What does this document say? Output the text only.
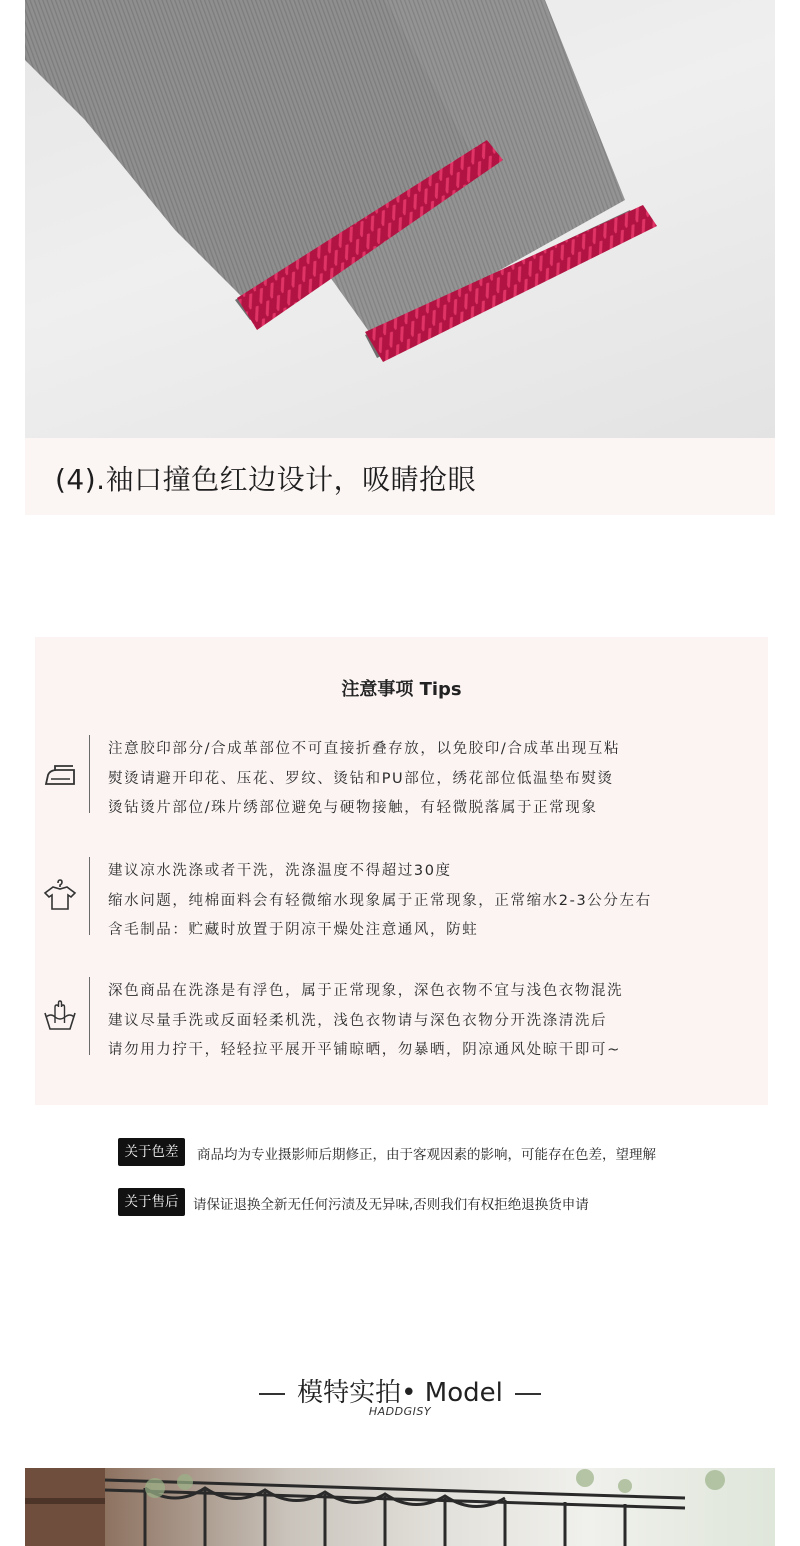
(4).袖口撞色红边设计，吸睛抢眼
注意事项 Tips
注意胶印部分/合成革部位不可直接折叠存放，以免胶印/合成革出现互粘
熨烫请避开印花、压花、罗纹、烫钻和PU部位，绣花部位低温垫布熨烫
烫钻烫片部位/珠片绣部位避免与硬物接触，有轻微脱落属于正常现象
建议凉水洗涤或者干洗，洗涤温度不得超过30度
缩水问题，纯棉面料会有轻微缩水现象属于正常现象，正常缩水2-3公分左右
含毛制品：贮藏时放置于阴凉干燥处注意通风，防蛀
深色商品在洗涤是有浮色，属于正常现象，深色衣物不宜与浅色衣物混洗
建议尽量手洗或反面轻柔机洗，浅色衣物请与深色衣物分开洗涤清洗后
请勿用力拧干，轻轻拉平展开平铺晾晒，勿暴晒，阴凉通风处晾干即可~
关于色差	商品均为专业摄影师后期修正，由于客观因素的影响，可能存在色差，望理解
关于售后	请保证退换全新无任何污渍及无异味,否则我们有权拒绝退换货申请
模特实拍• Model
HADDGISY
